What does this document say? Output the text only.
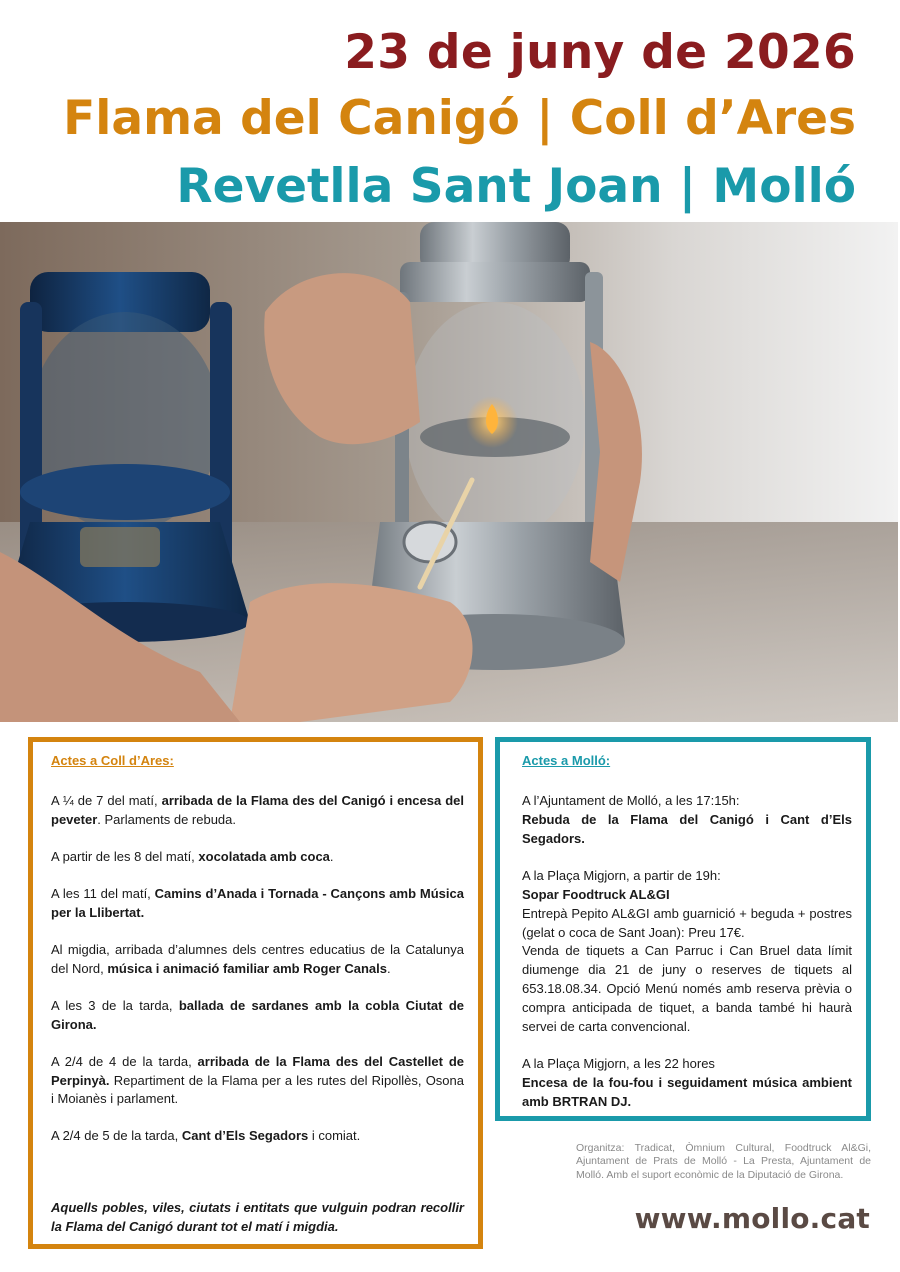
23 de juny de 2026
Flama del Canigó | Coll d’Ares
Revetlla Sant Joan | Molló
Actes a Coll d’Ares:

A ¼ de 7 del matí, arribada de la Flama des del Canigó i encesa del peveter. Parlaments de rebuda.

A partir de les 8 del matí, xocolatada amb coca.

A les 11 del matí, Camins d’Anada i Tornada - Cançons amb Música per la Llibertat.

Al migdia, arribada d’alumnes dels centres educatius de la Catalunya del Nord, música i animació familiar amb Roger Canals.

A les 3 de la tarda, ballada de sardanes amb la cobla Ciutat de Girona.

A 2/4 de 4 de la tarda, arribada de la Flama des del Castellet de Perpinyà. Repartiment de la Flama per a les rutes del Ripollès, Osona i Moianès i parlament.

A 2/4 de 5 de la tarda, Cant d’Els Segadors i comiat.

Aquells pobles, viles, ciutats i entitats que vulguin podran recollir la Flama del Canigó durant tot el matí i migdia.

Actes a Molló:

A l’Ajuntament de Molló, a les 17:15h:

Rebuda de la Flama del Canigó i Cant d’Els Segadors.

A la Plaça Migjorn, a partir de 19h:

Sopar Foodtruck AL&GI

Entrepà Pepito AL&GI amb guarnició + beguda + postres (gelat o coca de Sant Joan): Preu 17€.

Venda de tiquets a Can Parruc i Can Bruel data límit diumenge dia 21 de juny o reserves de tiquets al 653.18.08.34. Opció Menú només amb reserva prèvia o compra anticipada de tiquet, a banda també hi haurà servei de carta convencional.

A la Plaça Migjorn, a les 22 hores

Encesa de la fou-fou i seguidament música ambient amb BRTRAN DJ.

Organitza: Tradicat, Òmnium Cultural, Foodtruck Al&Gi, Ajuntament de Prats de Molló - La Presta, Ajuntament de Molló. Amb el suport econòmic de la Diputació de Girona.
www.mollo.cat
